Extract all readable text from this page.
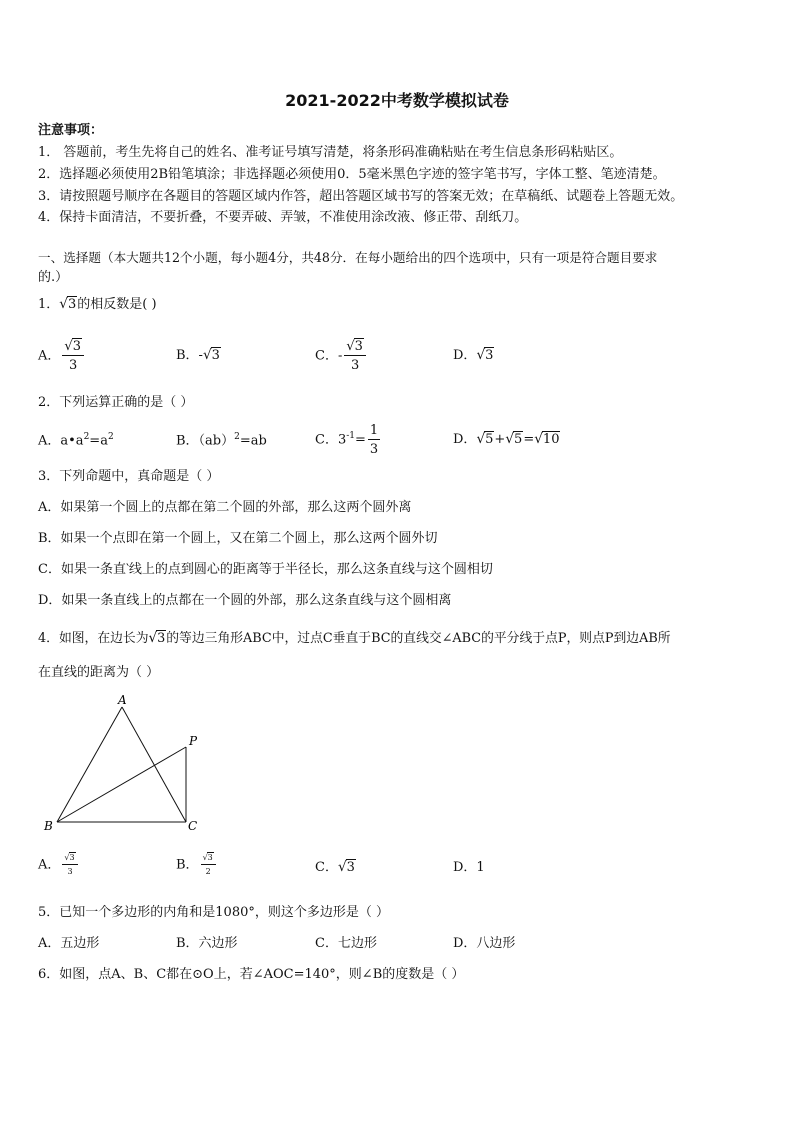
2021-2022中考数学模拟试卷
注意事项：
1． 答题前，考生先将自己的姓名、准考证号填写清楚，将条形码准确粘贴在考生信息条形码粘贴区。
2．选择题必须使用2B铅笔填涂；非选择题必须使用0．5毫米黑色字迹的签字笔书写，字体工整、笔迹清楚。
3．请按照题号顺序在各题目的答题区域内作答，超出答题区域书写的答案无效；在草稿纸、试题卷上答题无效。
4．保持卡面清洁，不要折叠，不要弄破、弄皱，不准使用涂改液、修正带、刮纸刀。
一、选择题（本大题共12个小题，每小题4分，共48分．在每小题给出的四个选项中，只有一项是符合题目要求
的.）
1．√3的相反数是( )
A． $\frac{√3}{3}$	B．-√3	C．- $\frac{√3}{3}$	D．√3
2．下列运算正确的是（ ）
A．$a•a^2=a^2$	B．（ab）$^2$=ab	C．$3^{-1}= \frac{1}{3}$	D．√5+√5=√10
3．下列命题中，真命题是（ ）
A．如果第一个圆上的点都在第二个圆的外部，那么这两个圆外离
B．如果一个点即在第一个圆上，又在第二个圆上，那么这两个圆外切
C．如果一条直‵线上的点到圆心的距离等于半径长，那么这条直线与这个圆相切
D．如果一条直线上的点都在一个圆的外部，那么这条直线与这个圆相离
4．如图，在边长为√3的等边三角形ABC中，过点C垂直于BC的直线交∠ABC的平分线于点P，则点P到边AB所
在直线的距离为（ ）
A
B	C
P
A． $\frac{√3}{3}$	B． $\frac{√3}{2}$	C．√3	D．1
5．已知一个多边形的内角和是1080°，则这个多边形是（ ）
A．五边形	B．六边形	C．七边形	D．八边形
6．如图，点A、B、C都在⊙O上，若∠AOC=140°，则∠B的度数是（ ）
